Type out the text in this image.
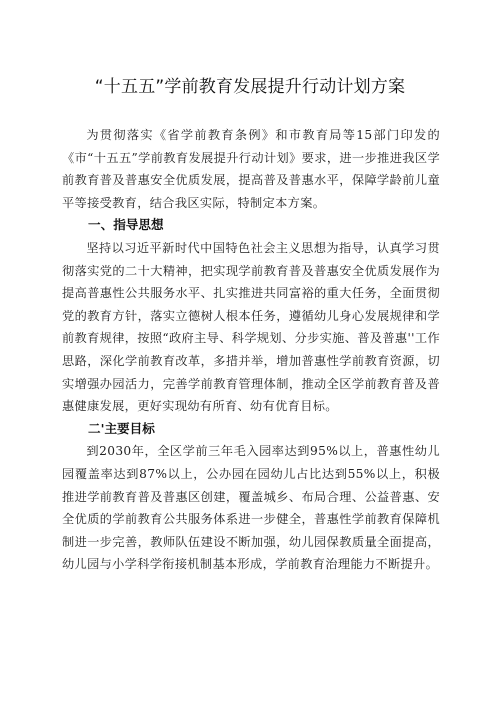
“十五五”学前教育发展提升行动计划方案

为贯彻落实《省学前教育条例》和市教育局等15部门印发的《市“十五五”学前教育发展提升行动计划》要求，进一步推进我区学前教育普及普惠安全优质发展，提高普及普惠水平，保障学龄前儿童平等接受教育，结合我区实际，特制定本方案。

一、指导思想

坚持以习近平新时代中国特色社会主义思想为指导，认真学习贯彻落实党的二十大精神，把实现学前教育普及普惠安全优质发展作为提高普惠性公共服务水平、扎实推进共同富裕的重大任务，全面贯彻党的教育方针，落实立德树人根本任务，遵循幼儿身心发展规律和学前教育规律，按照“政府主导、科学规划、分步实施、普及普惠''工作思路，深化学前教育改革，多措并举，增加普惠性学前教育资源，切实增强办园活力，完善学前教育管理体制，推动全区学前教育普及普惠健康发展，更好实现幼有所育、幼有优育目标。

二'主要目标

到2030年，全区学前三年毛入园率达到95%以上，普惠性幼儿园覆盖率达到87%以上，公办园在园幼儿占比达到55%以上，积极推进学前教育普及普惠区创建，覆盖城乡、布局合理、公益普惠、安全优质的学前教育公共服务体系进一步健全，普惠性学前教育保障机制进一步完善，教师队伍建设不断加强，幼儿园保教质量全面提高，幼儿园与小学科学衔接机制基本形成，学前教育治理能力不断提升。
